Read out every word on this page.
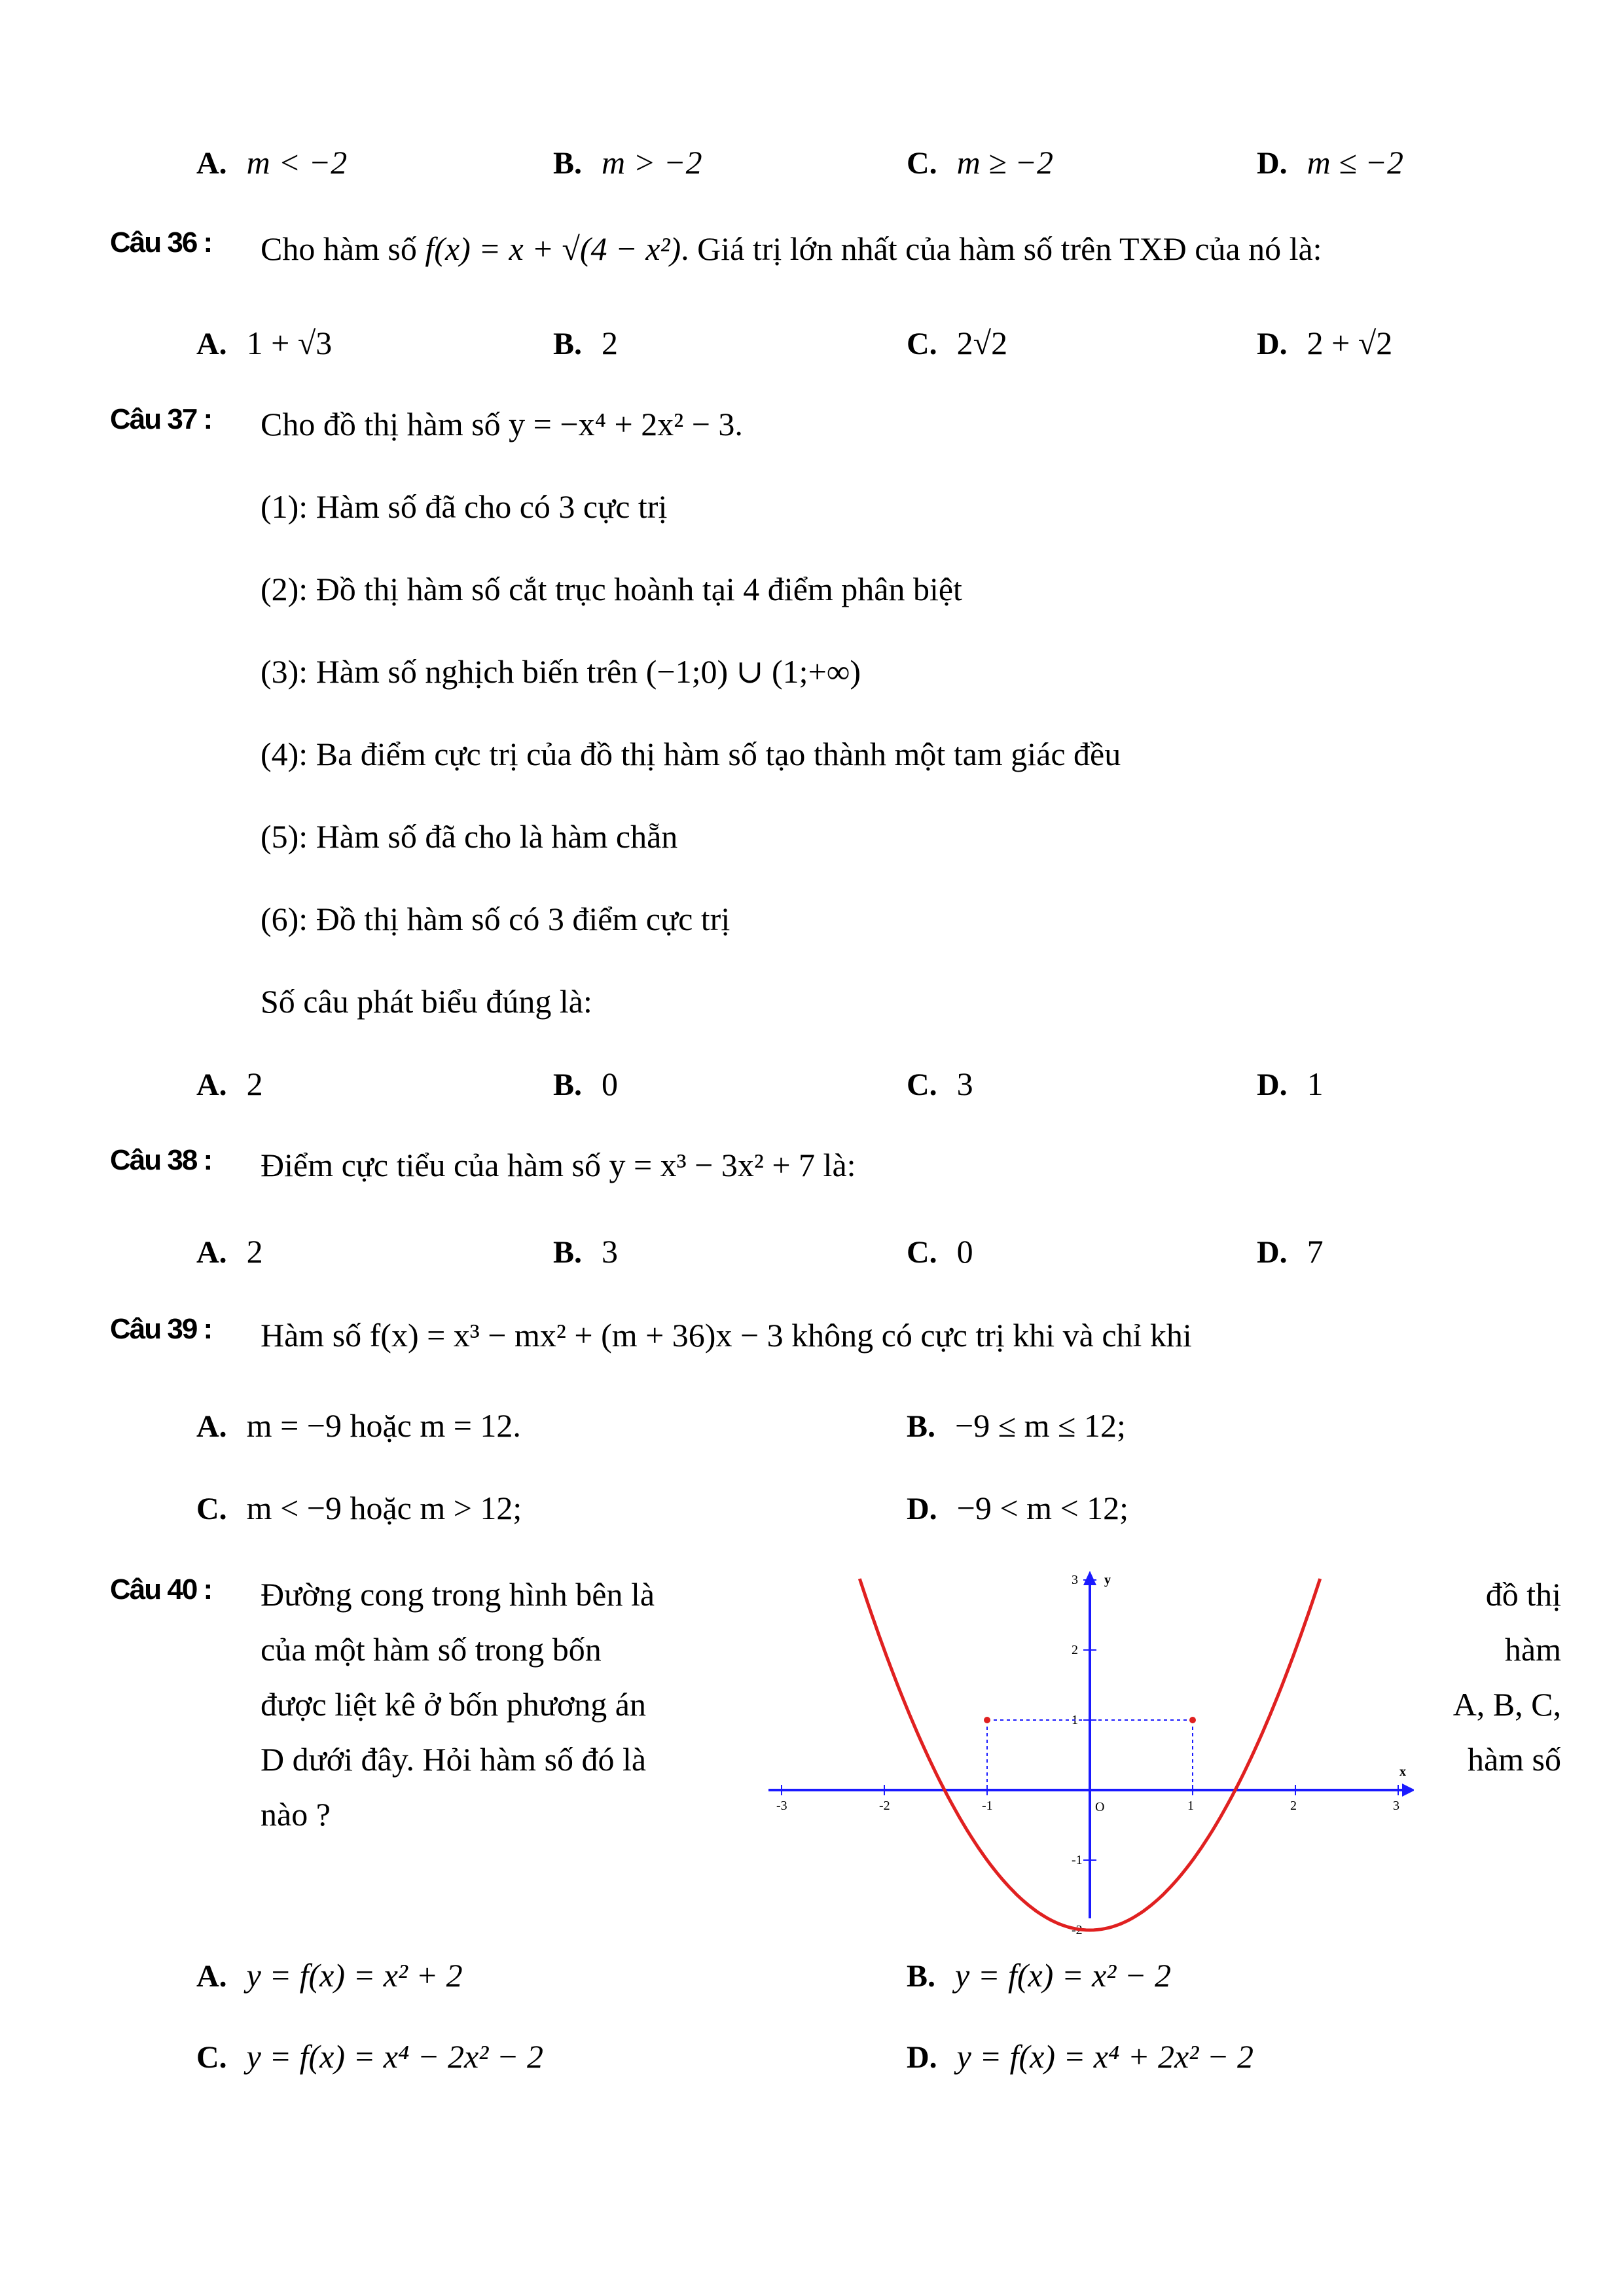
A. m < −2	B. m > −2	C. m ≥ −2	D. m ≤ −2
Câu 36 : Cho hàm số f(x) = x + √(4 − x²). Giá trị lớn nhất của hàm số trên TXĐ của nó là:
A. 1 + √3	B. 2	C. 2√2	D. 2 + √2
Câu 37 : Cho đồ thị hàm số y = −x⁴ + 2x² − 3.
(1): Hàm số đã cho có 3 cực trị
(2): Đồ thị hàm số cắt trục hoành tại 4 điểm phân biệt
(3): Hàm số nghịch biến trên (−1;0) ∪ (1;+∞)
(4): Ba điểm cực trị của đồ thị hàm số tạo thành một tam giác đều
(5): Hàm số đã cho là hàm chẵn
(6): Đồ thị hàm số có 3 điểm cực trị
Số câu phát biểu đúng là:
A. 2	B. 0	C. 3	D. 1
Câu 38 : Điểm cực tiểu của hàm số y = x³ − 3x² + 7 là:
A. 2	B. 3	C. 0	D. 7
Câu 39 : Hàm số f(x) = x³ − mx² + (m + 36)x − 3 không có cực trị khi và chỉ khi
A. m = −9 hoặc m = 12.	B. −9 ≤ m ≤ 12;
C. m < −9 hoặc m > 12;	D. −9 < m < 12;
Câu 40 : Đường cong trong hình bên là
của một hàm số trong bốn
được liệt kê ở bốn phương án
D dưới đây. Hỏi hàm số đó là
nào ?
đồ thị
hàm
A, B, C,
hàm số
-3	-2	-1	1	2	3
3
2
1
-1
-2
x
y
O
A. y = f(x) = x² + 2	B. y = f(x) = x² − 2
C. y = f(x) = x⁴ − 2x² − 2	D. y = f(x) = x⁴ + 2x² − 2
